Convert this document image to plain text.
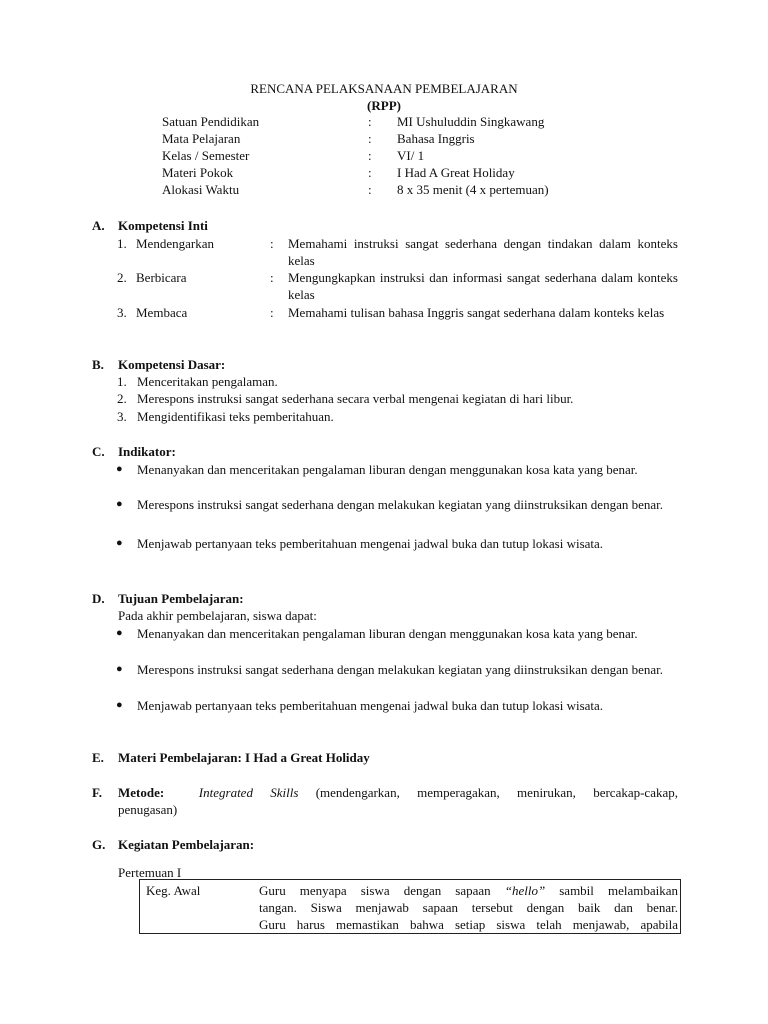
RENCANA PELAKSANAAN PEMBELAJARAN
(RPP)
Satuan Pendidikan	: MI Ushuluddin Singkawang
Mata Pelajaran	: Bahasa Inggris
Kelas / Semester	: VI/ 1
Materi Pokok	: I Had A Great Holiday
Alokasi Waktu	: 8 x 35 menit (4 x pertemuan)
A. Kompetensi Inti
1. Mendengarkan	: Memahami instruksi sangat sederhana dengan tindakan dalam konteks kelas
2. Berbicara	: Mengungkapkan instruksi dan informasi sangat sederhana dalam konteks kelas
3. Membaca	: Memahami tulisan bahasa Inggris sangat sederhana dalam konteks kelas
B. Kompetensi Dasar:
1. Menceritakan pengalaman.
2. Merespons instruksi sangat sederhana secara verbal mengenai kegiatan di hari libur.
3. Mengidentifikasi teks pemberitahuan.
C. Indikator:
● Menanyakan dan menceritakan pengalaman liburan dengan menggunakan kosa kata yang benar.
● Merespons instruksi sangat sederhana dengan melakukan kegiatan yang diinstruksikan dengan benar.
● Menjawab pertanyaan teks pemberitahuan mengenai jadwal buka dan tutup lokasi wisata.
D. Tujuan Pembelajaran:
Pada akhir pembelajaran, siswa dapat:
● Menanyakan dan menceritakan pengalaman liburan dengan menggunakan kosa kata yang benar.
● Merespons instruksi sangat sederhana dengan melakukan kegiatan yang diinstruksikan dengan benar.
● Menjawab pertanyaan teks pemberitahuan mengenai jadwal buka dan tutup lokasi wisata.
E. Materi Pembelajaran: I Had a Great Holiday
F. Metode:	Integrated Skills (mendengarkan, memperagakan, menirukan, bercakap-cakap,
penugasan)
G. Kegiatan Pembelajaran:
Pertemuan I
Keg. Awal	Guru menyapa siswa dengan sapaan “hello” sambil melambaikan
tangan. Siswa menjawab sapaan tersebut dengan baik dan benar.
Guru harus memastikan bahwa setiap siswa telah menjawab, apabila
